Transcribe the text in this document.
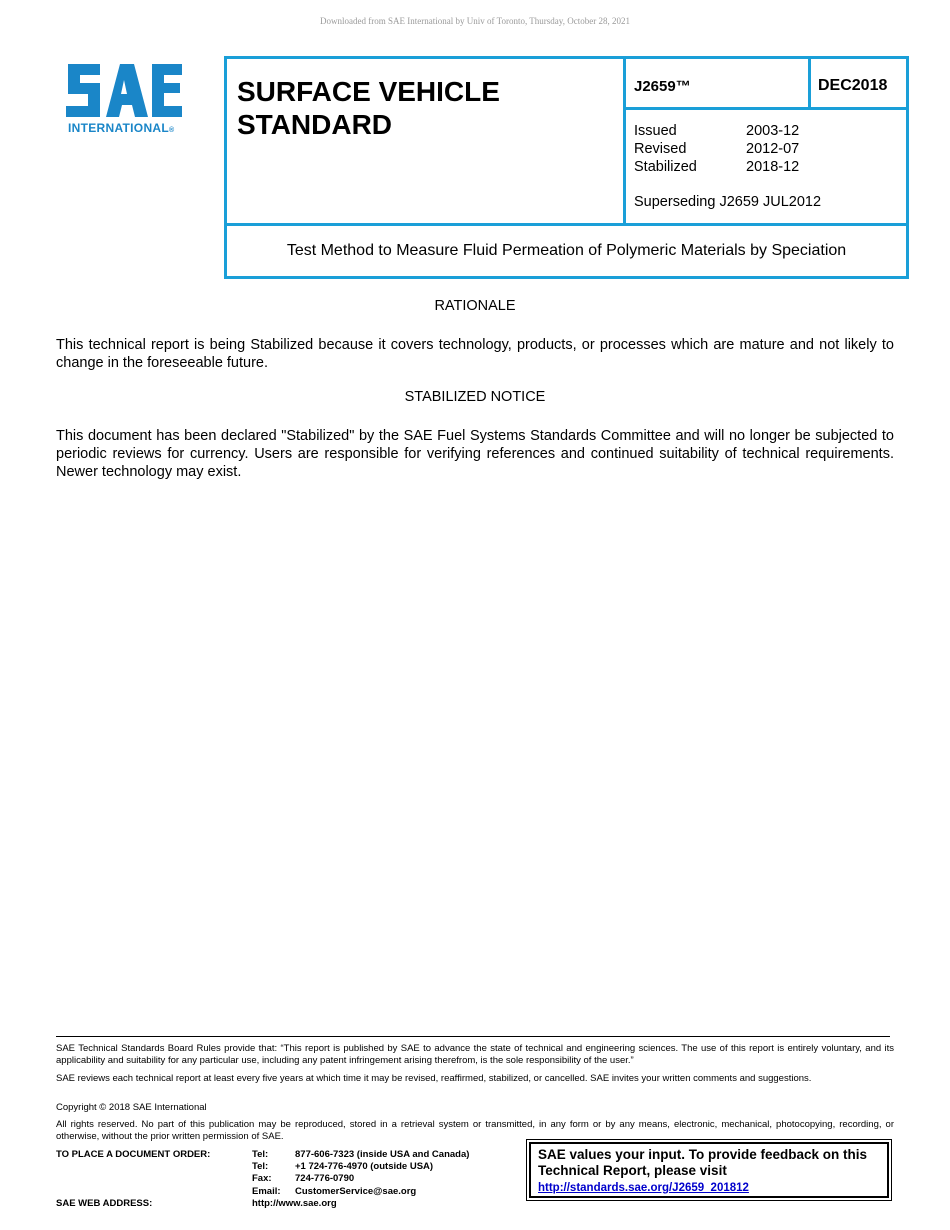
Downloaded from SAE International by Univ of Toronto, Thursday, October 28, 2021
INTERNATIONAL®
SURFACE VEHICLE
STANDARD
J2659™	DEC2018
Issued	2003-12
Revised	2012-07
Stabilized	2018-12
Superseding J2659 JUL2012
Test Method to Measure Fluid Permeation of Polymeric Materials by Speciation
RATIONALE
This technical report is being Stabilized because it covers technology, products, or processes which are mature and not likely to change in the foreseeable future.
STABILIZED NOTICE
This document has been declared "Stabilized" by the SAE Fuel Systems Standards Committee and will no longer be subjected to periodic reviews for currency. Users are responsible for verifying references and continued suitability of technical requirements. Newer technology may exist.
SAE Technical Standards Board Rules provide that: “This report is published by SAE to advance the state of technical and engineering sciences. The use of this report is entirely voluntary, and its applicability and suitability for any particular use, including any patent infringement arising therefrom, is the sole responsibility of the user.”
SAE reviews each technical report at least every five years at which time it may be revised, reaffirmed, stabilized, or cancelled. SAE invites your written comments and suggestions.
Copyright © 2018 SAE International
All rights reserved. No part of this publication may be reproduced, stored in a retrieval system or transmitted, in any form or by any means, electronic, mechanical, photocopying, recording, or otherwise, without the prior written permission of SAE.
TO PLACE A DOCUMENT ORDER:	Tel:	877-606-7323 (inside USA and Canada)
Tel:	+1 724-776-4970 (outside USA)
Fax: 724-776-0790
Email: CustomerService@sae.org
SAE WEB ADDRESS:	http://www.sae.org
SAE values your input. To provide feedback on this
Technical Report, please visit
http://standards.sae.org/J2659_201812
